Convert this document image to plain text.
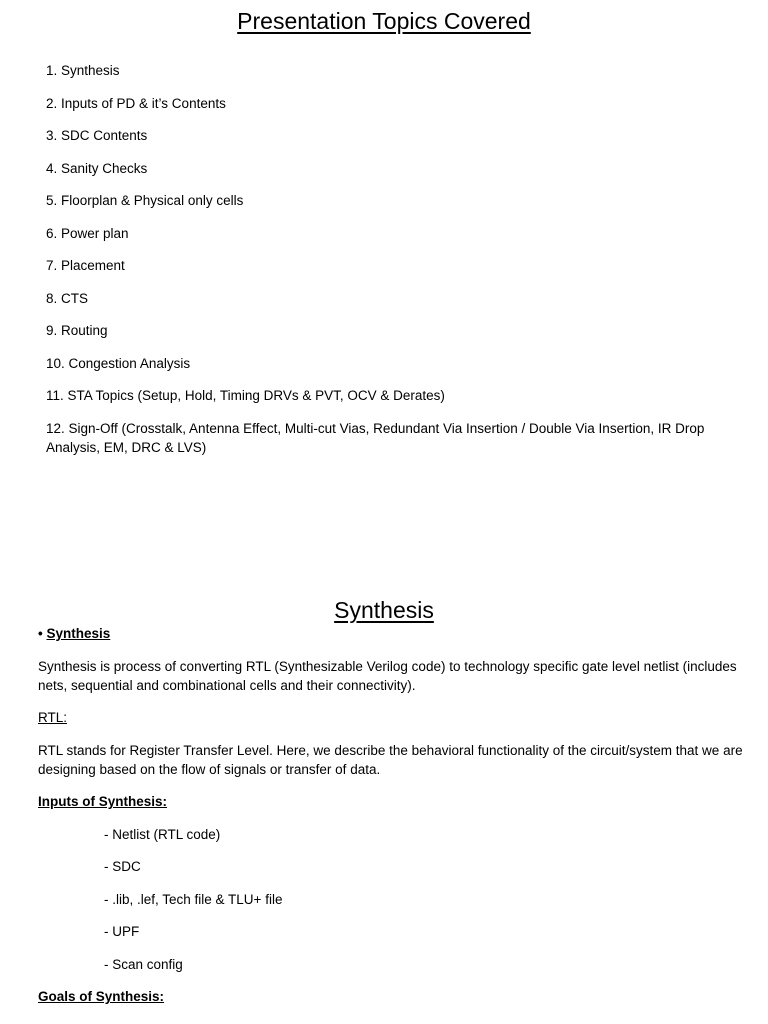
Presentation Topics Covered
1. Synthesis
2. Inputs of PD & it’s Contents
3. SDC Contents
4. Sanity Checks
5. Floorplan & Physical only cells
6. Power plan
7. Placement
8. CTS
9. Routing
10. Congestion Analysis
11. STA Topics (Setup, Hold, Timing DRVs & PVT, OCV & Derates)
12. Sign-Off (Crosstalk, Antenna Effect, Multi-cut Vias, Redundant Via Insertion / Double Via Insertion, IR Drop Analysis, EM, DRC & LVS)
Synthesis

• Synthesis

Synthesis is process of converting RTL (Synthesizable Verilog code) to technology specific gate level netlist (includes nets, sequential and combinational cells and their connectivity).

RTL:

RTL stands for Register Transfer Level. Here, we describe the behavioral functionality of the circuit/system that we are designing based on the flow of signals or transfer of data.

Inputs of Synthesis:

- Netlist (RTL code)

- SDC

- .lib, .lef, Tech file & TLU+ file

- UPF

- Scan config

Goals of Synthesis:
